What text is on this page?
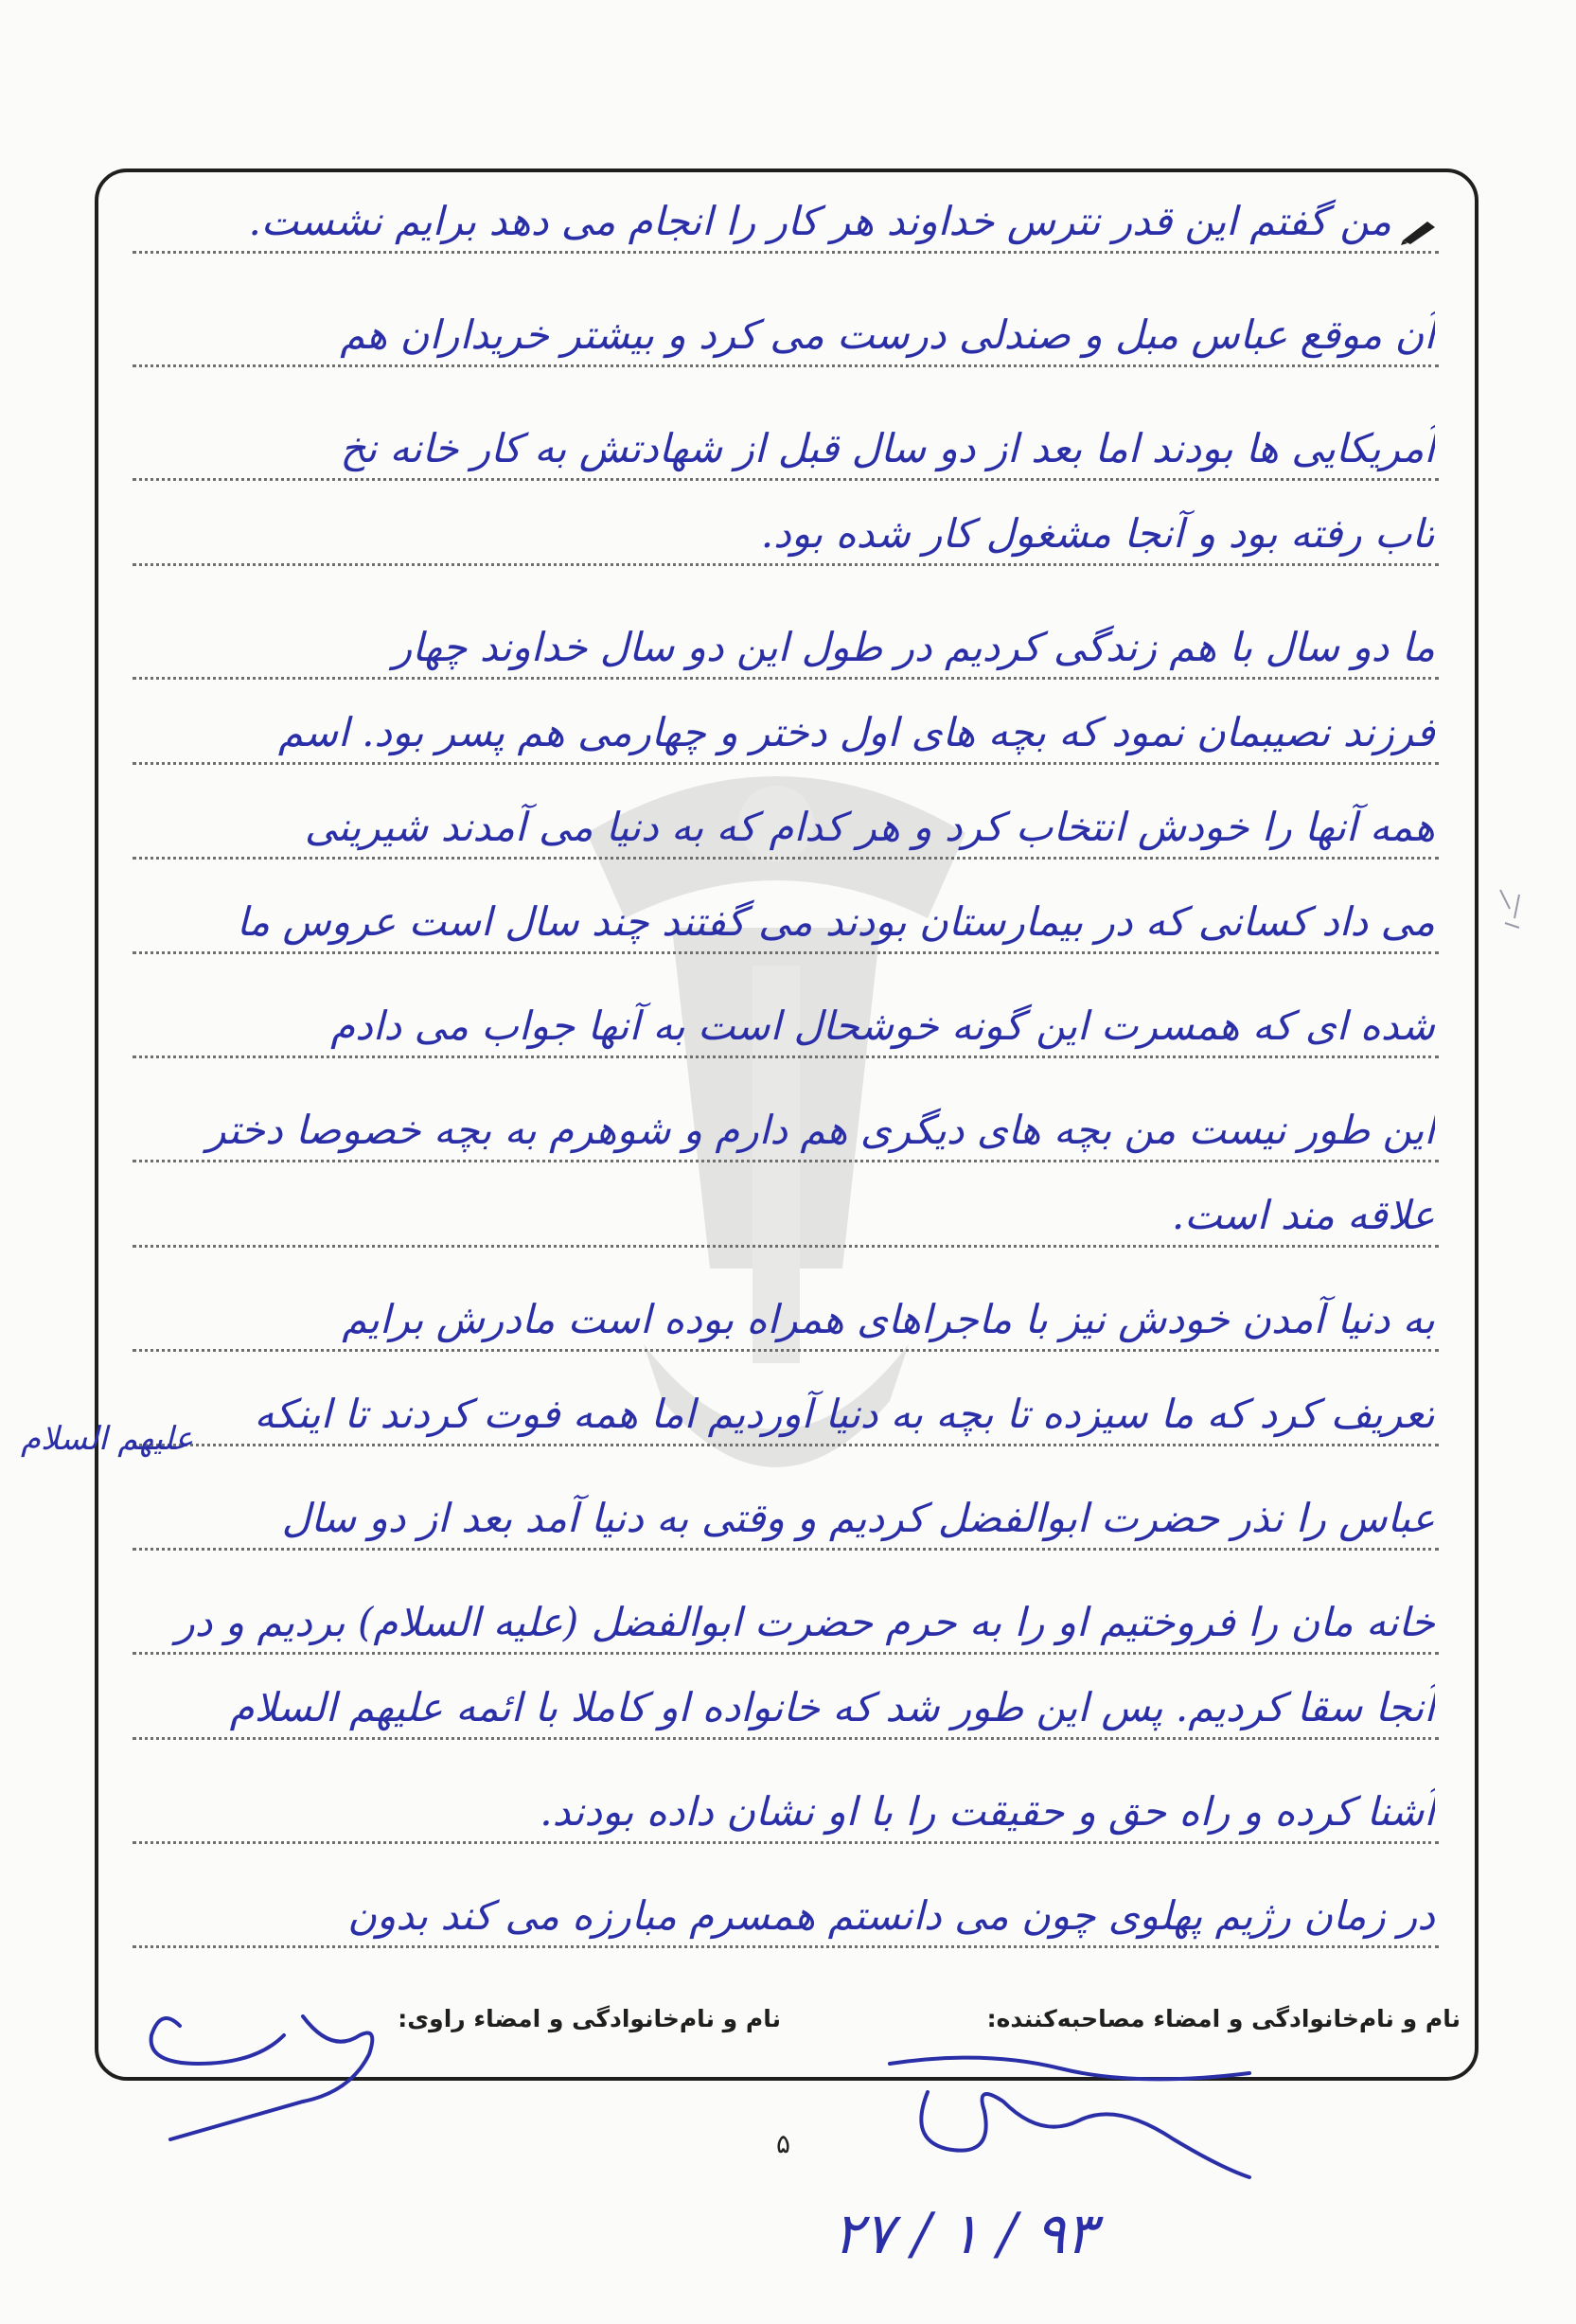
من گفتم این قدر نترس خداوند هر کار را انجام می دهد برایم نشست.
آن موقع عباس مبل و صندلی درست می کرد و بیشتر خریداران هم
آمریکایی ها بودند اما بعد از دو سال قبل از شهادتش به کار خانه نخ
تاب رفته بود و آنجا مشغول کار شده بود.
ما دو سال با هم زندگی کردیم در طول این دو سال خداوند چهار
فرزند نصیبمان نمود که بچه های اول دختر و چهارمی هم پسر بود. اسم
همه آنها را خودش انتخاب کرد و هر کدام که به دنیا می آمدند شیرینی
می داد کسانی که در بیمارستان بودند می گفتند چند سال است عروس ما
شده ای که همسرت این گونه خوشحال است به آنها جواب می دادم
این طور نیست من بچه های دیگری هم دارم و شوهرم به بچه خصوصا دختر
علاقه مند است.
به دنیا آمدن خودش نیز با ماجراهای همراه بوده است مادرش برایم
تعریف کرد که ما سیزده تا بچه به دنیا آوردیم اما همه فوت کردند تا اینکه
عباس را نذر حضرت ابوالفضل کردیم و وقتی به دنیا آمد بعد از دو سال
خانه مان را فروختیم او را به حرم حضرت ابوالفضل (علیه السلام) بردیم و در
آنجا سقا کردیم. پس این طور شد که خانواده او کاملا با ائمه علیهم السلام
آشنا کرده و راه حق و حقیقت را با او نشان داده بودند.
در زمان رژیم پهلوی چون می دانستم همسرم مبارزه می کند بدون
علیهم السلام
نام و نام‌خانوادگی و امضاء مصاحبه‌کننده:
نام و نام‌خانوادگی و امضاء راوی:
۵
۹۳ / ۱ / ۲۷
